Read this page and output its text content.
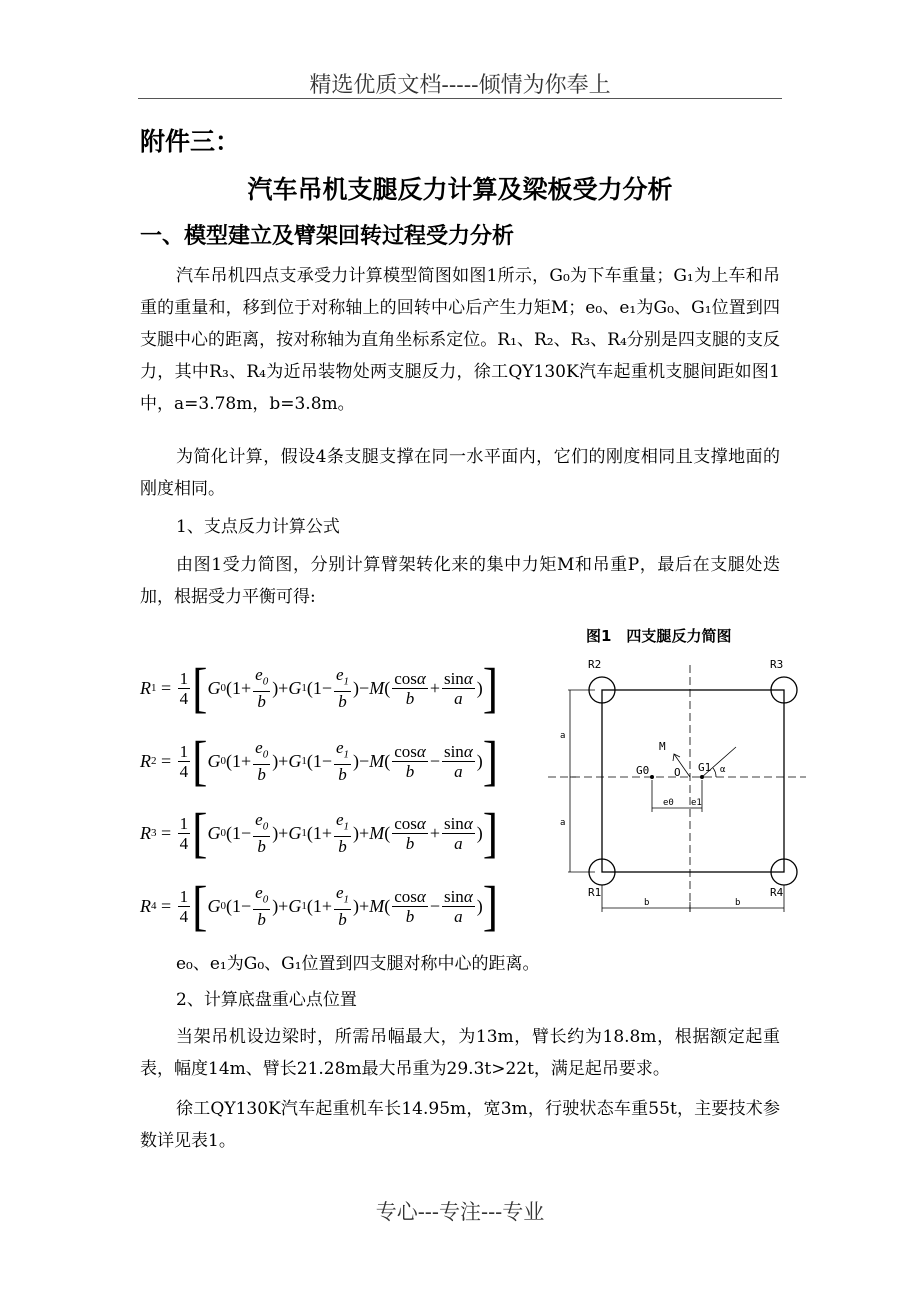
精选优质文档-----倾情为你奉上
附件三：
汽车吊机支腿反力计算及梁板受力分析
一、模型建立及臂架回转过程受力分析
汽车吊机四点支承受力计算模型简图如图1所示，G₀为下车重量；G₁为上车和吊重的重量和，移到位于对称轴上的回转中心后产生力矩M；e₀、e₁为G₀、G₁位置到四支腿中心的距离，按对称轴为直角坐标系定位。R₁、R₂、R₃、R₄分别是四支腿的支反力，其中R₃、R₄为近吊装物处两支腿反力，徐工QY130K汽车起重机支腿间距如图1中，a=3.78m，b=3.8m。
为简化计算，假设4条支腿支撑在同一水平面内，它们的刚度相同且支撑地面的刚度相同。
1、支点反力计算公式
由图1受力简图，分别计算臂架转化来的集中力矩M和吊重P，最后在支腿处迭加，根据受力平衡可得:
图1　四支腿反力简图
R $1 = \frac{1}{4}$ [ G 0 ($1 + \frac{e_0}{b}$ )+ G 1 ($1 - \frac{e_1}{b}$ ) − M ( $\frac{\cos\alpha}{b} + \frac{\sin\alpha}{a}$ ) ]
R $2 = \frac{1}{4}$ [ G 0 ($1 + \frac{e_0}{b}$ )+ G 1 ($1 - \frac{e_1}{b}$ ) − M ( $\frac{\cos\alpha}{b} - \frac{\sin\alpha}{a}$ ) ]
R $3 = \frac{1}{4}$ [ G 0 ($1 - \frac{e_0}{b}$ )+ G 1 ($1 + \frac{e_1}{b}$ ) + M ( $\frac{\cos\alpha}{b} + \frac{\sin\alpha}{a}$ ) ]
R $4 = \frac{1}{4}$ [ G 0 ($1 - \frac{e_0}{b}$ )+ G 1 ($1 + \frac{e_1}{b}$ ) + M ( $\frac{\cos\alpha}{b} - \frac{\sin\alpha}{a}$ ) ]
R2	R3
R1	R4
G0	G1
O
M
e0 e1
a
a
b	b
α
e₀、e₁为G₀、G₁位置到四支腿对称中心的距离。
2、计算底盘重心点位置
当架吊机设边梁时，所需吊幅最大，为13m，臂长约为18.8m，根据额定起重表，幅度14m、臂长21.28m最大吊重为29.3t>22t，满足起吊要求。
徐工QY130K汽车起重机车长14.95m，宽3m，行驶状态车重55t，主要技术参数详见表1。
专心---专注---专业
